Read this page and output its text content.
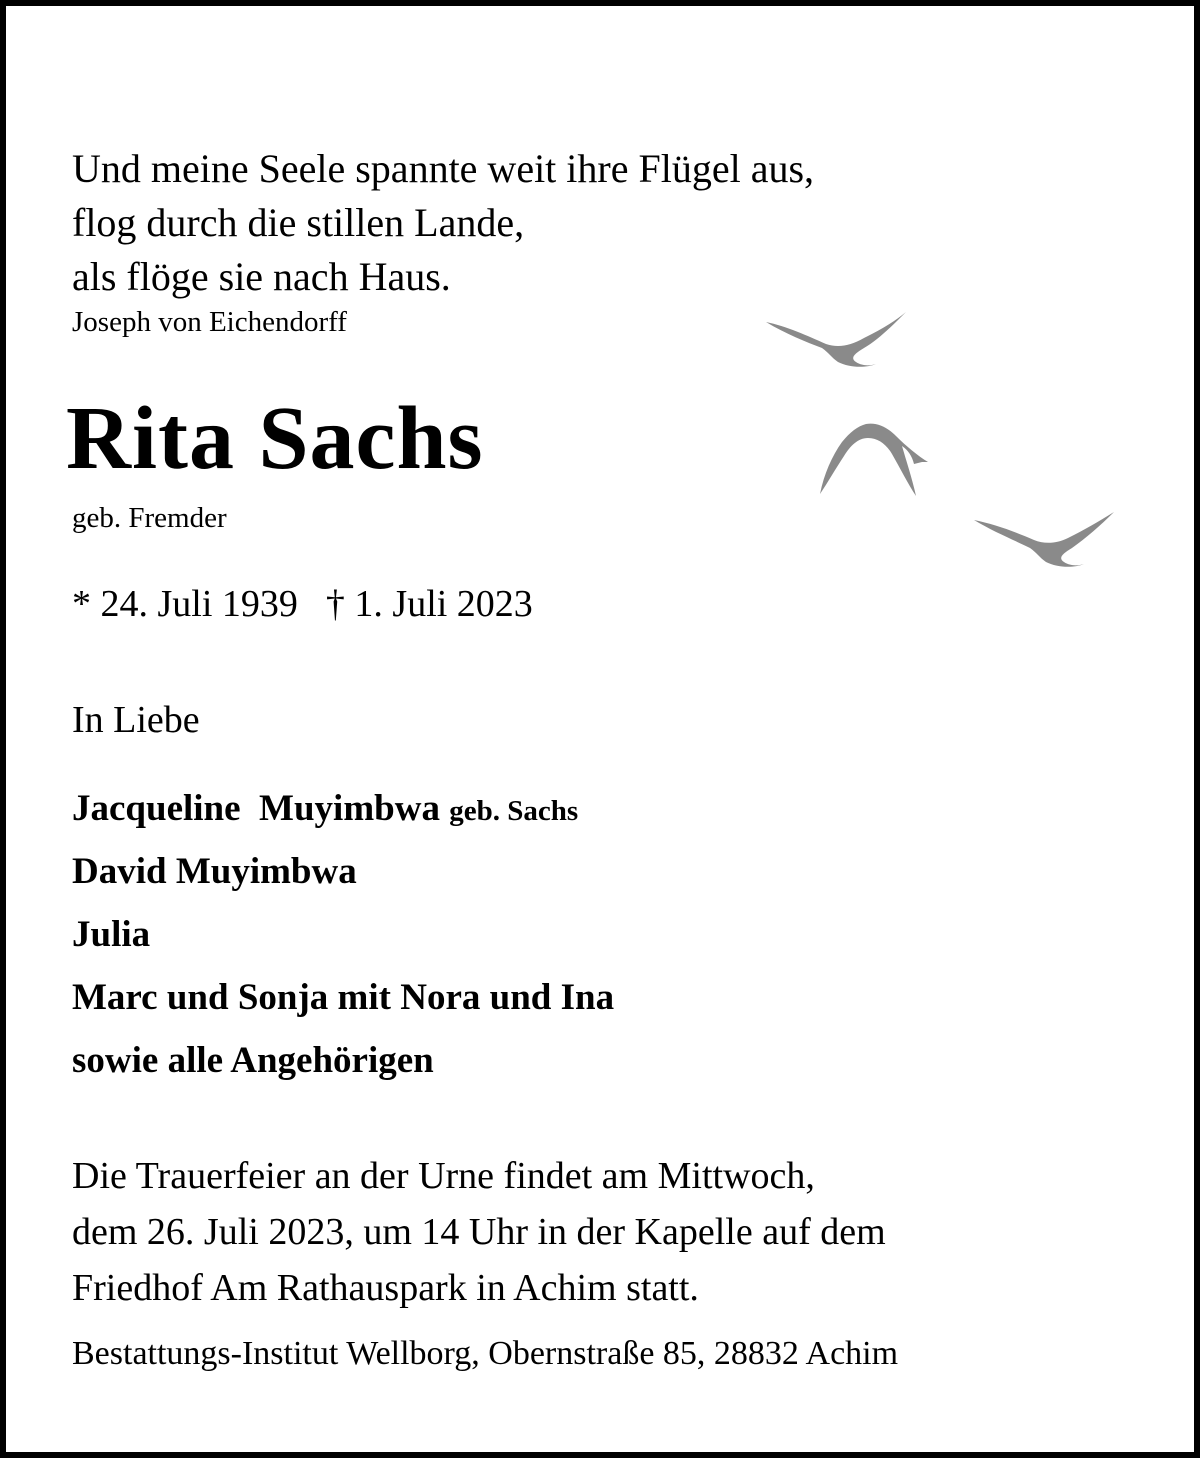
Und meine Seele spannte weit ihre Flügel aus,
flog durch die stillen Lande,
als flöge sie nach Haus.
Joseph von Eichendorff
Rita Sachs
geb. Fremder
* 24. Juli 1939 † 1. Juli 2023
In Liebe
Jacqueline  Muyimbwa geb. Sachs
David Muyimbwa
Julia
Marc und Sonja mit Nora und Ina
sowie alle Angehörigen
Die Trauerfeier an der Urne findet am Mittwoch,
dem 26. Juli 2023, um 14 Uhr in der Kapelle auf dem
Friedhof Am Rathauspark in Achim statt.
Bestattungs-Institut Wellborg, Obernstraße 85, 28832 Achim
